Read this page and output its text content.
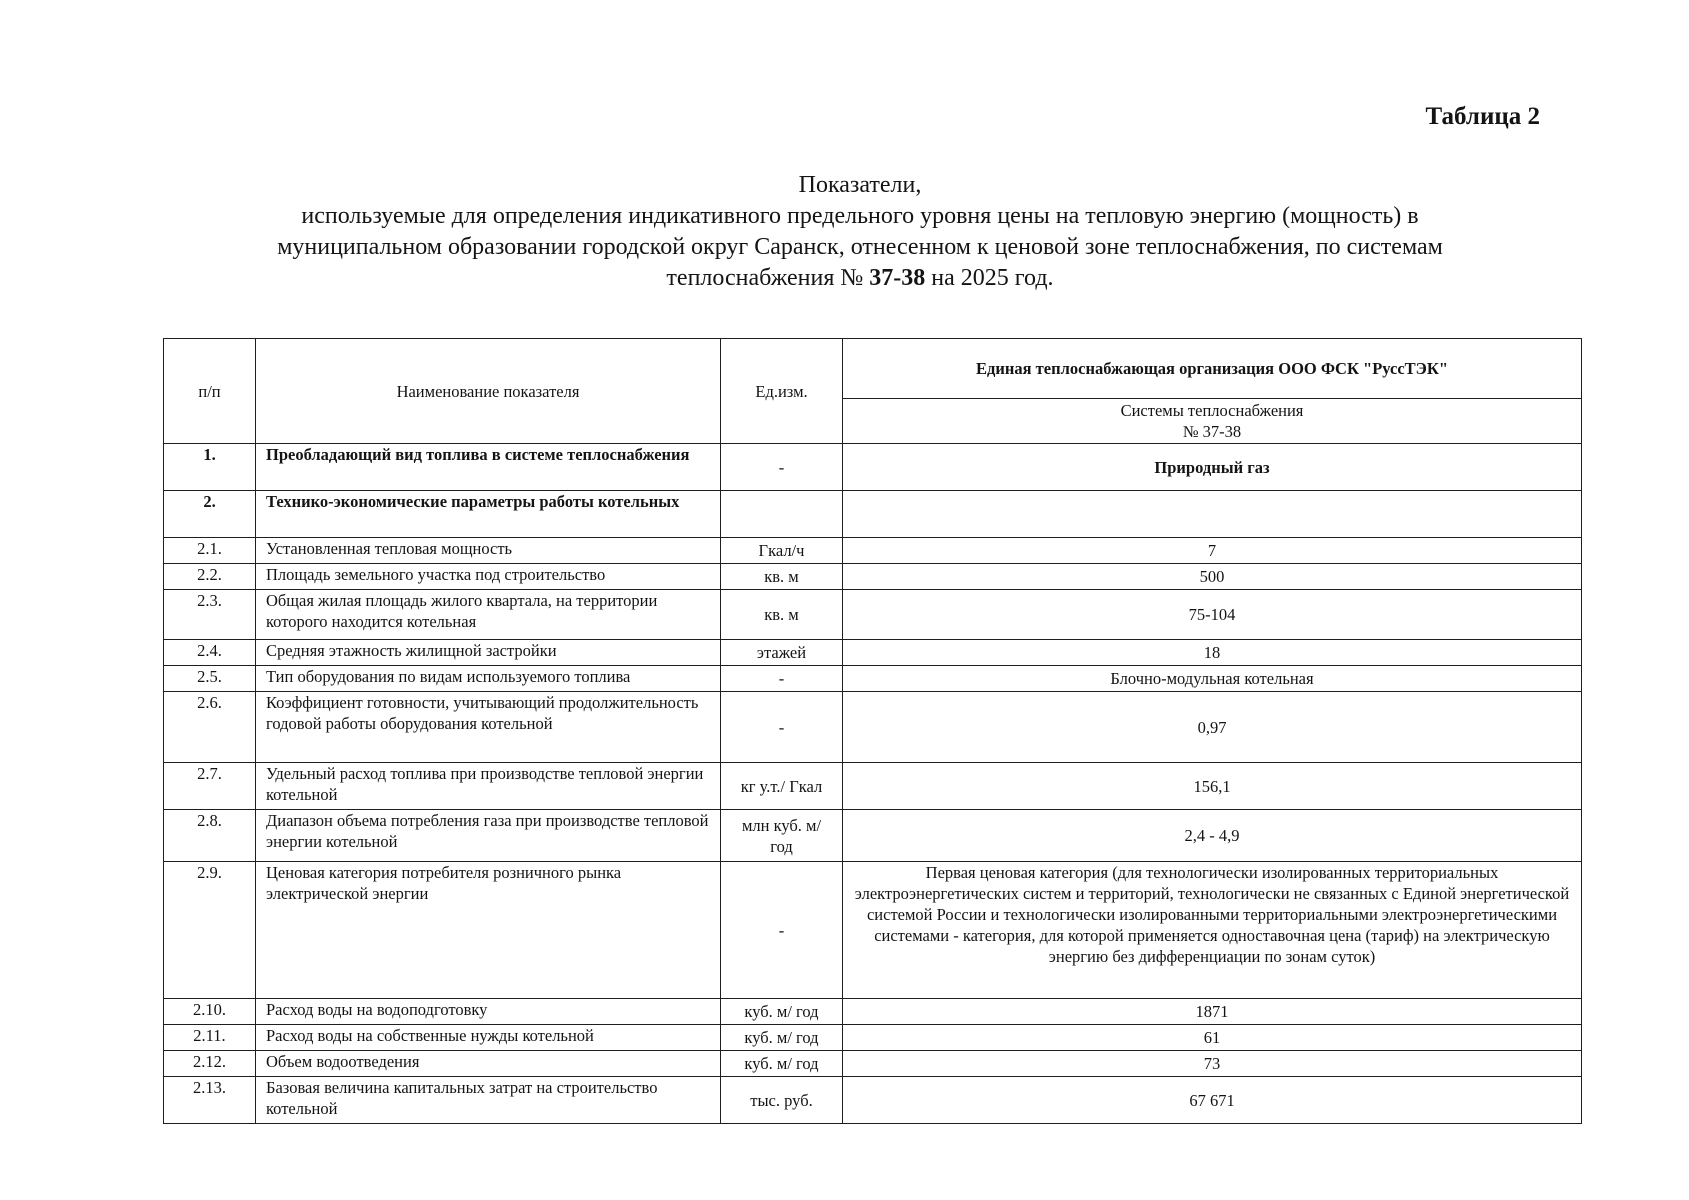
Таблица 2
Показатели,
используемые для определения индикативного предельного уровня цены на тепловую энергию (мощность) в
муниципальном образовании городской округ Саранск, отнесенном к ценовой зоне теплоснабжения, по системам
теплоснабжения № 37-38 на 2025 год.
п/п	Наименование показателя	Ед.изм.	Единая теплоснабжающая организация ООО ФСК "РуссТЭК"

			Системы теплоснабжения
№ 37-38

1.	Преобладающий вид топлива в системе теплоснабжения	-	Природный газ
2.	Технико-экономические параметры работы котельных		
2.1.	Установленная тепловая мощность	Гкал/ч	7
2.2.	Площадь земельного участка под строительство	кв. м	500
2.3.	Общая жилая площадь жилого квартала, на территории которого находится котельная	кв. м	75-104
2.4.	Средняя этажность жилищной застройки	этажей	18
2.5.	Тип оборудования по видам используемого топлива	-	Блочно-модульная котельная
2.6.	Коэффициент готовности, учитывающий продолжительность годовой работы оборудования котельной	-	0,97
2.7.	Удельный расход топлива при производстве тепловой энергии котельной	кг у.т./ Гкал	156,1
2.8.	Диапазон объема потребления газа при производстве тепловой энергии котельной	млн куб. м/год	2,4 - 4,9
2.9.	Ценовая категория потребителя розничного рынка электрической энергии	-	Первая ценовая категория (для технологически изолированных территориальных электроэнергетических систем и территорий, технологически не связанных с Единой энергетической системой России и технологически изолированными территориальными электроэнергетическими системами - категория, для которой применяется одноставочная цена (тариф) на электрическую энергию без дифференциации по зонам суток)
2.10.	Расход воды на водоподготовку	куб. м/ год	1871
2.11.	Расход воды на собственные нужды котельной	куб. м/ год	61
2.12.	Объем водоотведения	куб. м/ год	73
2.13.	Базовая величина капитальных затрат на строительство котельной	тыс. руб.	67 671
